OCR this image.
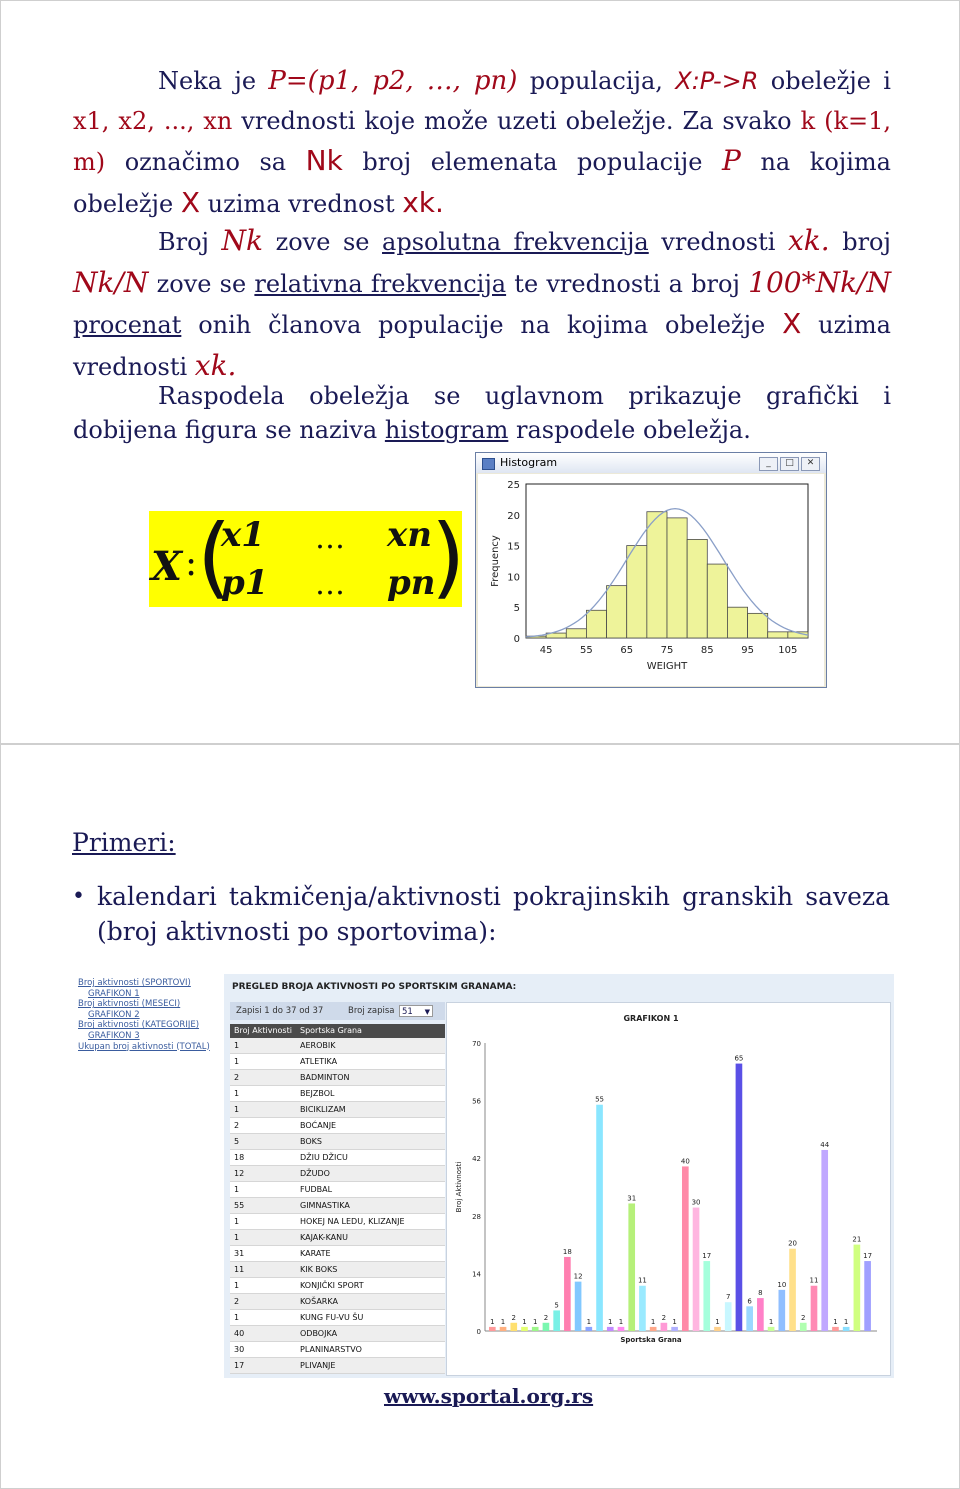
Neka je P=(p1, p2, …, pn) populacija, X:P->R obeležje i x1, x2, ..., xn vrednosti koje može uzeti obeležje. Za svako k (k=1, m) označimo sa Nk broj elemenata populacije P na kojima obeležje X uzima vrednost xk.
Broj Nk zove se apsolutna frekvencija vrednosti xk. broj Nk/N zove se relativna frekvencija te vrednosti a broj 100*Nk/N procenat onih članova populacije na kojima obeležje X uzima vrednosti xk.
Raspodela obeležja se uglavnom prikazuje grafički i dobijena figura se naziva histogram raspodele obeležja.
X : (
x1 … xn
p1 … pn
)
Histogram	_	□	✕
0
5
10
15
20
25
45	55	65	75	85	95 105
WEIGHT
Frequency
Primeri:
• kalendari takmičenja/aktivnosti pokrajinskih granskih saveza (broj aktivnosti po sportovima):
Broj aktivnosti (SPORTOVI)
GRAFIKON 1
Broj aktivnosti (MESECI)
GRAFIKON 2
Broj aktivnosti (KATEGORIJE)
GRAFIKON 3
Ukupan broj aktivnosti (TOTAL)
PREGLED BROJA AKTIVNOSTI PO SPORTSKIM GRANAMA:
Zapisi 1 do 37 od 37	Broj zapisa 51 ▼
Broj Aktivnosti Sportska Grana
1	AEROBIK
1	ATLETIKA
2	BADMINTON
1	BEJZBOL
1	BICIKLIZAM
2	BOĆANJE
5	BOKS
18	DŽIU DŽICU
12	DŽUDO
1	FUDBAL
55	GIMNASTIKA
1	HOKEJ NA LEDU, KLIZANJE
1	KAJAK-KANU
31	KARATE
11	KIK BOKS
1	KONJIČKI SPORT
2	KOŠARKA
1	KUNG FU-VU ŠU
40	ODBOJKA
30	PLANINARSTVO
17	PLIVANJE
GRAFIKON 1
0
14
28
42
56
70
1 1
2
1 1
2
5
18
12
1
55
1 1
31
11
1
2
1
40
30
17
1
7
65
6
8
1
10
20
2
11
44
1 1
21
17
Sportska Grana
Broj Aktivnosti
www.sportal.org.rs
